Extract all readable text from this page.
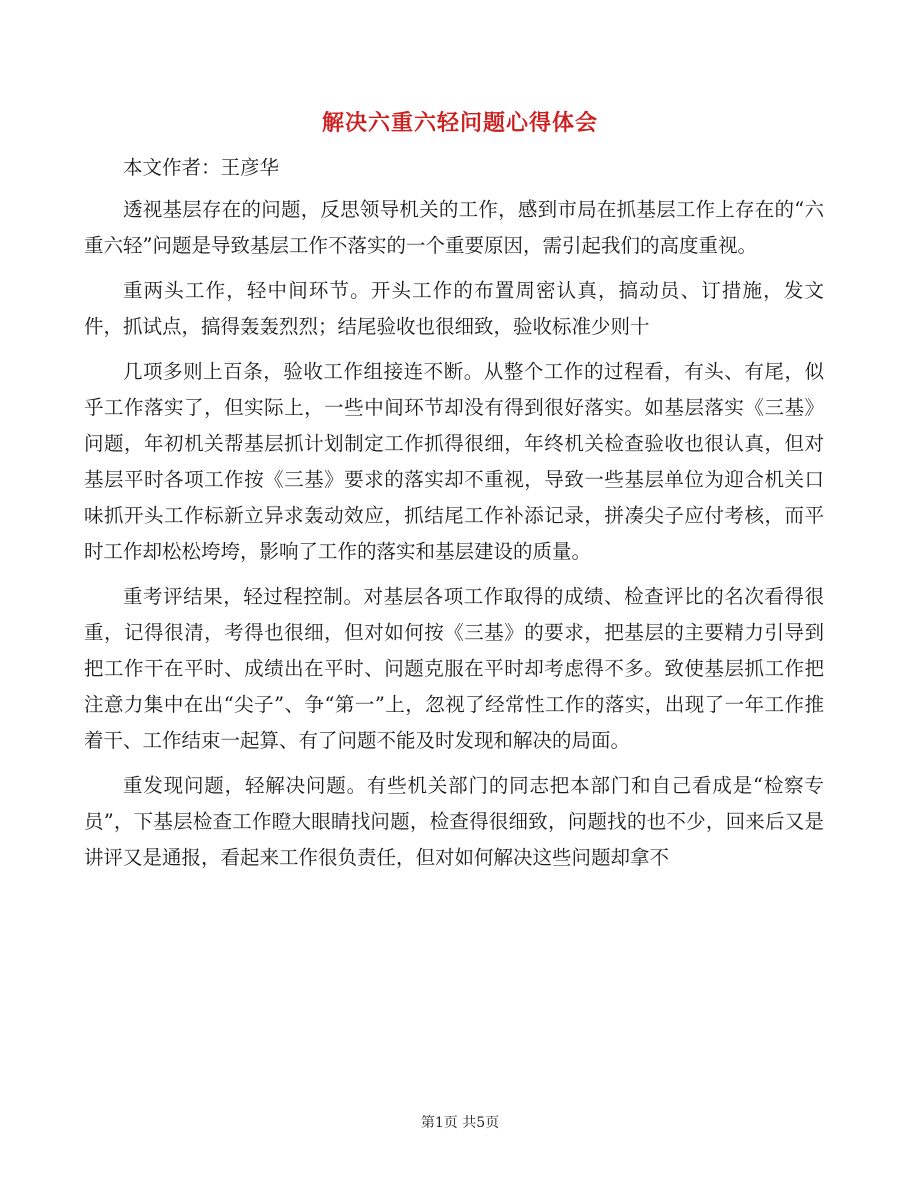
解决六重六轻问题心得体会

本文作者：王彦华

透视基层存在的问题，反思领导机关的工作，感到市局在抓基层工作上存在的“六重六轻”问题是导致基层工作不落实的一个重要原因，需引起我们的高度重视。

重两头工作，轻中间环节。开头工作的布置周密认真，搞动员、订措施，发文件，抓试点，搞得轰轰烈烈；结尾验收也很细致，验收标准少则十

几项多则上百条，验收工作组接连不断。从整个工作的过程看，有头、有尾，似乎工作落实了，但实际上，一些中间环节却没有得到很好落实。如基层落实《三基》问题，年初机关帮基层抓计划制定工作抓得很细，年终机关检查验收也很认真，但对基层平时各项工作按《三基》要求的落实却不重视，导致一些基层单位为迎合机关口味抓开头工作标新立异求轰动效应，抓结尾工作补添记录，拼凑尖子应付考核，而平时工作却松松垮垮，影响了工作的落实和基层建设的质量。

重考评结果，轻过程控制。对基层各项工作取得的成绩、检查评比的名次看得很重，记得很清，考得也很细，但对如何按《三基》的要求，把基层的主要精力引导到把工作干在平时、成绩出在平时、问题克服在平时却考虑得不多。致使基层抓工作把注意力集中在出“尖子”、争“第一”上，忽视了经常性工作的落实，出现了一年工作推着干、工作结束一起算、有了问题不能及时发现和解决的局面。

重发现问题，轻解决问题。有些机关部门的同志把本部门和自己看成是“检察专员”，下基层检查工作瞪大眼睛找问题，检查得很细致，问题找的也不少，回来后又是讲评又是通报，看起来工作很负责任，但对如何解决这些问题却拿不

第1页 共5页
